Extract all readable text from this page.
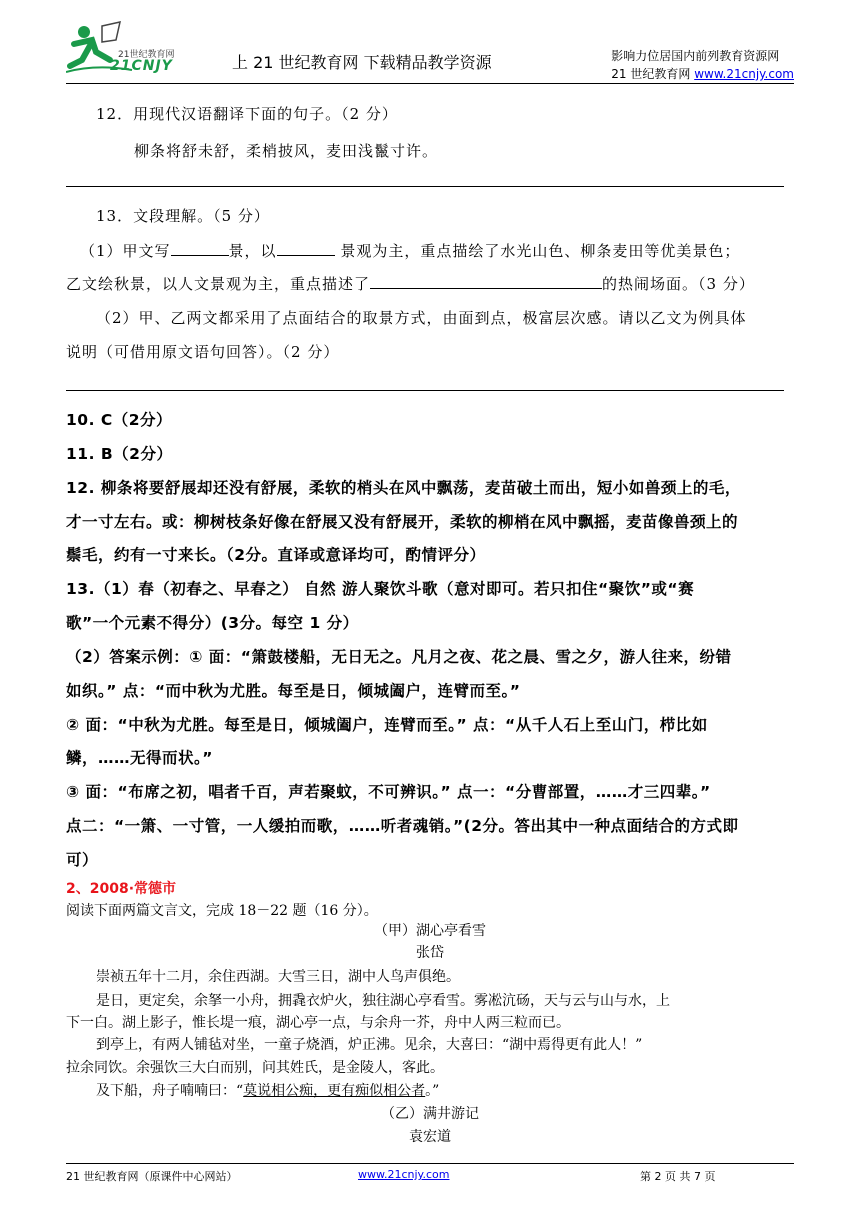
21世纪教育网
21CNJY	上 21 世纪教育网 下载精品教学资源	影响力位居国内前列教育资源网
21 世纪教育网 www.21cnjy.com
12．用现代汉语翻译下面的句子。（2 分）
柳条将舒未舒，柔梢披风，麦田浅鬣寸许。
13．文段理解。（5 分）
（1）甲文写	景，以	景观为主，重点描绘了水光山色、柳条麦田等优美景色；
乙文绘秋景，以人文景观为主，重点描述了	的热闹场面。（3 分）
（2）甲、乙两文都采用了点面结合的取景方式，由面到点，极富层次感。请以乙文为例具体
说明（可借用原文语句回答）。（2 分）
10. C（2分）
11. B（2分）
12. 柳条将要舒展却还没有舒展，柔软的梢头在风中飘荡，麦苗破土而出，短小如兽颈上的毛，
才一寸左右。或：柳树枝条好像在舒展又没有舒展开，柔软的柳梢在风中飘摇，麦苗像兽颈上的
鬃毛，约有一寸来长。（2分。直译或意译均可，酌情评分）
13.（1）春（初春之、早春之） 自然 游人聚饮斗歌（意对即可。若只扣住“聚饮”或“赛
歌”一个元素不得分）(3分。每空 1 分）
（2）答案示例：① 面：“箫鼓楼船，无日无之。凡月之夜、花之晨、雪之夕，游人往来，纷错
如织。” 点：“而中秋为尤胜。每至是日，倾城阖户，连臂而至。”
② 面：“中秋为尤胜。每至是日，倾城阖户，连臂而至。” 点：“从千人石上至山门，栉比如
鳞，……无得而状。”
③ 面：“布席之初，唱者千百，声若聚蚊，不可辨识。” 点一：“分曹部置，……才三四辈。”
点二：“一箫、一寸管，一人缓拍而歌，……听者魂销。”(2分。答出其中一种点面结合的方式即
可）
2、2008·常德市
阅读下面两篇文言文，完成 18－22 题（16 分）。
（甲）湖心亭看雪
张岱
崇祯五年十二月，余住西湖。大雪三日，湖中人鸟声俱绝。
是日，更定矣，余拏一小舟，拥毳衣炉火，独往湖心亭看雪。雾凇沆砀，天与云与山与水，上
下一白。湖上影子，惟长堤一痕，湖心亭一点，与余舟一芥，舟中人两三粒而已。
到亭上，有两人铺毡对坐，一童子烧酒，炉正沸。见余，大喜曰：“湖中焉得更有此人！”
拉余同饮。余强饮三大白而别，问其姓氏，是金陵人，客此。
及下船，舟子喃喃曰：“莫说相公痴，更有痴似相公者。”
（乙）满井游记
袁宏道
21 世纪教育网（原课件中心网站）	www.21cnjy.com	第 2 页 共 7 页
